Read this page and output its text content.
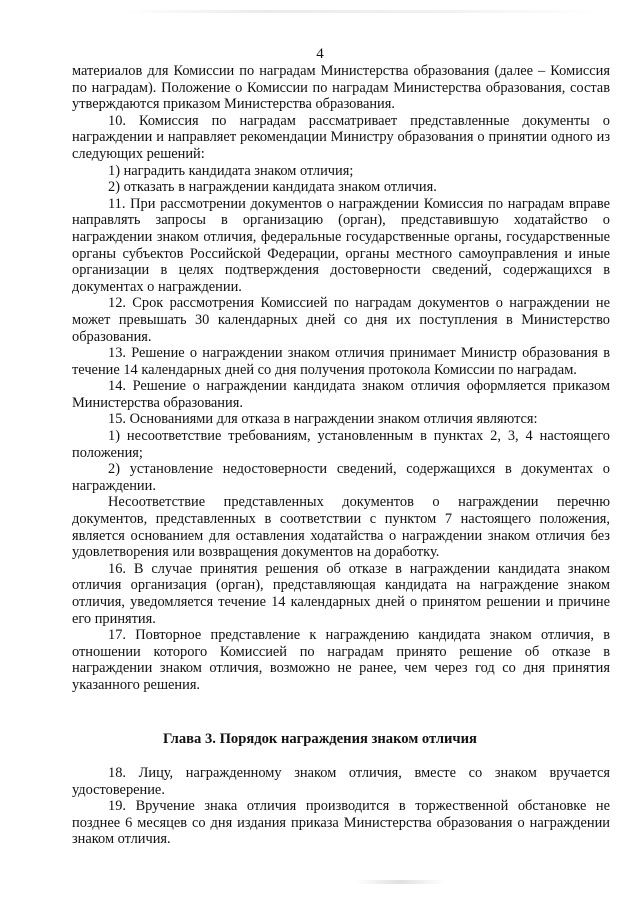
4

материалов для Комиссии по наградам Министерства образования (далее – Комиссия по наградам). Положение о Комиссии по наградам Министерства образования, состав утверждаются приказом Министерства образования.

10. Комиссия по наградам рассматривает представленные документы о награждении и направляет рекомендации Министру образования о принятии одного из следующих решений:

1) наградить кандидата знаком отличия;

2) отказать в награждении кандидата знаком отличия.

11. При рассмотрении документов о награждении Комиссия по наградам вправе направлять запросы в организацию (орган), представившую ходатайство о награждении знаком отличия, федеральные государственные органы, государственные органы субъектов Российской Федерации, органы местного самоуправления и иные организации в целях подтверждения достоверности сведений, содержащихся в документах о награждении.

12. Срок рассмотрения Комиссией по наградам документов о награждении не может превышать 30 календарных дней со дня их поступления в Министерство образования.

13. Решение о награждении знаком отличия принимает Министр образования в течение 14 календарных дней со дня получения протокола Комиссии по наградам.

14. Решение о награждении кандидата знаком отличия оформляется приказом Министерства образования.

15. Основаниями для отказа в награждении знаком отличия являются:

1) несоответствие требованиям, установленным в пунктах 2, 3, 4 настоящего положения;

2) установление недостоверности сведений, содержащихся в документах о награждении.

Несоответствие представленных документов о награждении перечню документов, представленных в соответствии с пунктом 7 настоящего положения, является основанием для оставления ходатайства о награждении знаком отличия без удовлетворения или возвращения документов на доработку.

16. В случае принятия решения об отказе в награждении кандидата знаком отличия организация (орган), представляющая кандидата на награждение знаком отличия, уведомляется течение 14 календарных дней о принятом решении и причине его принятия.

17. Повторное представление к награждению кандидата знаком отличия, в отношении которого Комиссией по наградам принято решение об отказе в награждении знаком отличия, возможно не ранее, чем через год со дня принятия указанного решения.

Глава 3. Порядок награждения знаком отличия

18. Лицу, награжденному знаком отличия, вместе со знаком вручается удостоверение.

19. Вручение знака отличия производится в торжественной обстановке не позднее 6 месяцев со дня издания приказа Министерства образования о награждении знаком отличия.
